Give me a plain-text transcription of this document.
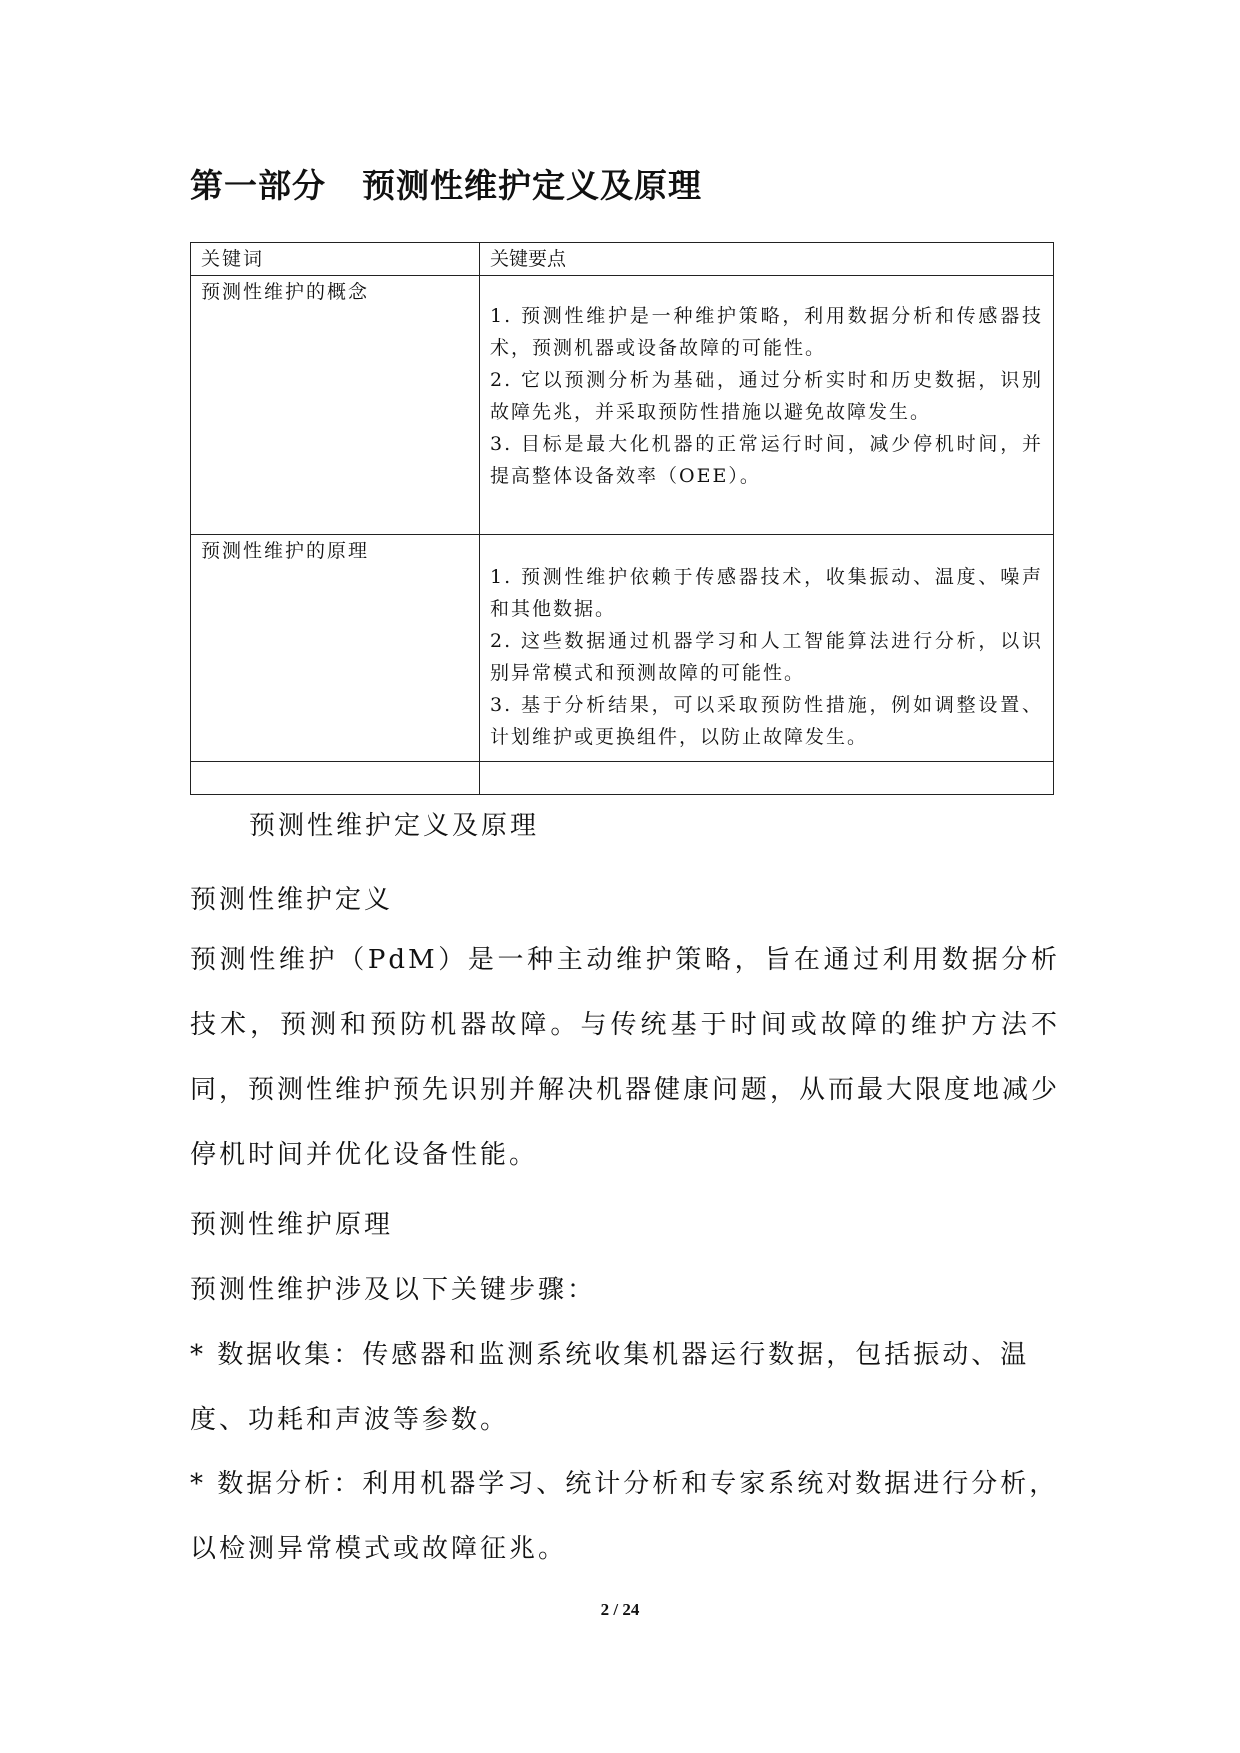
第一部分 预测性维护定义及原理
关键词	关键要点
预测性维护的概念	1. 预测性维护是一种维护策略，利用数据分析和传感器技术，预测机器或设备故障的可能性。
2. 它以预测分析为基础，通过分析实时和历史数据，识别故障先兆，并采取预防性措施以避免故障发生。
3. 目标是最大化机器的正常运行时间，减少停机时间，并提高整体设备效率（OEE）。

预测性维护的原理	1. 预测性维护依赖于传感器技术，收集振动、温度、噪声和其他数据。
2. 这些数据通过机器学习和人工智能算法进行分析，以识别异常模式和预测故障的可能性。
3. 基于分析结果，可以采取预防性措施，例如调整设置、计划维护或更换组件，以防止故障发生。

预测性维护定义及原理

预测性维护定义

预测性维护（PdM）是一种主动维护策略，旨在通过利用数据分析技术，预测和预防机器故障。与传统基于时间或故障的维护方法不同，预测性维护预先识别并解决机器健康问题，从而最大限度地减少停机时间并优化设备性能。

预测性维护原理

预测性维护涉及以下关键步骤：

* 数据收集：传感器和监测系统收集机器运行数据，包括振动、温度、功耗和声波等参数。

* 数据分析：利用机器学习、统计分析和专家系统对数据进行分析，以检测异常模式或故障征兆。

2 / 24
